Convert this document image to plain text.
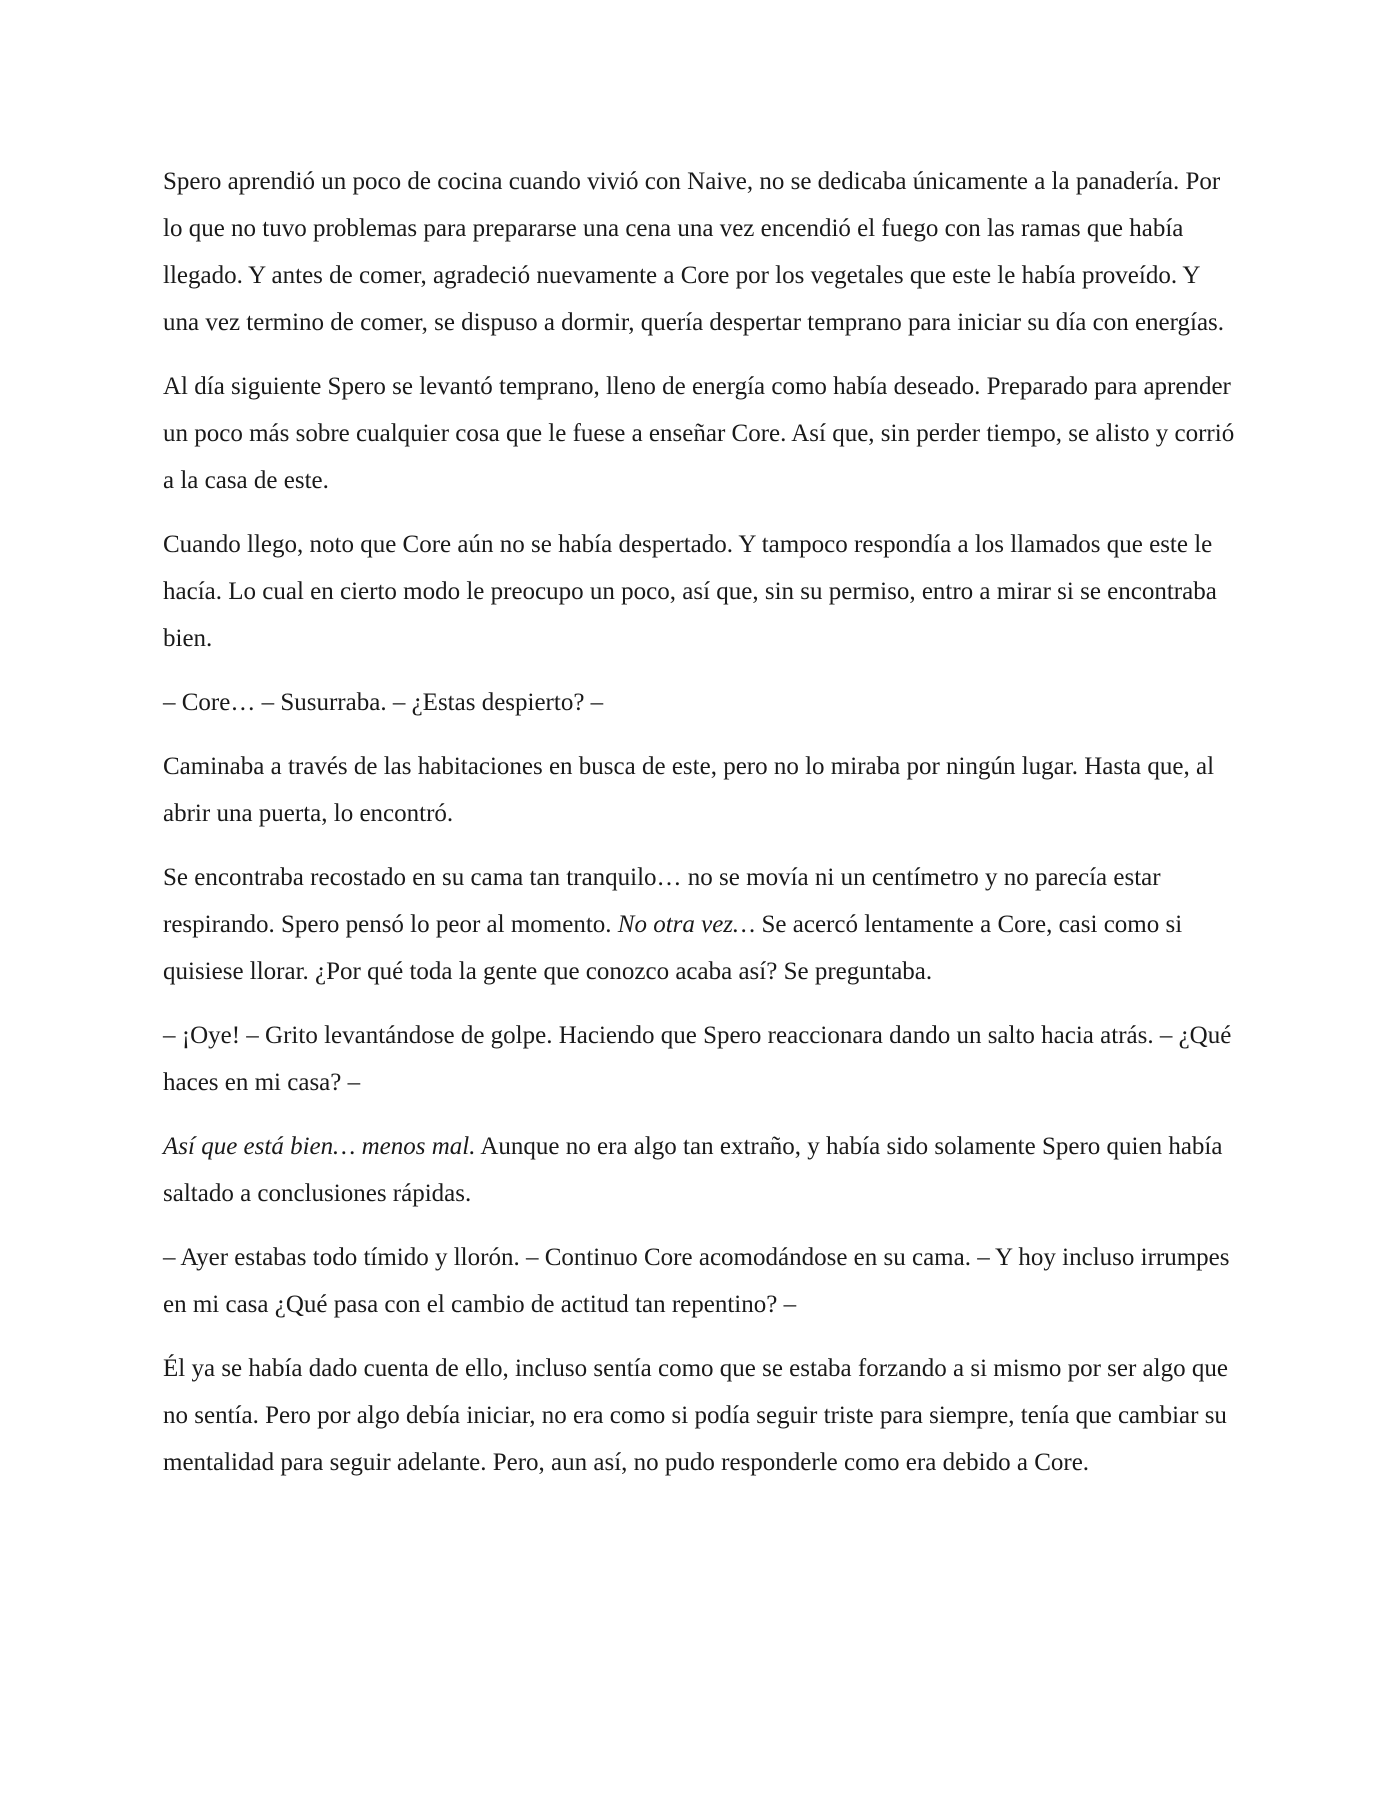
Spero aprendió un poco de cocina cuando vivió con Naive, no se dedicaba únicamente a la panadería. Por lo que no tuvo problemas para prepararse una cena una vez encendió el fuego con las ramas que había llegado. Y antes de comer, agradeció nuevamente a Core por los vegetales que este le había proveído. Y una vez termino de comer, se dispuso a dormir, quería despertar temprano para iniciar su día con energías.

Al día siguiente Spero se levantó temprano, lleno de energía como había deseado. Preparado para aprender un poco más sobre cualquier cosa que le fuese a enseñar Core. Así que, sin perder tiempo, se alisto y corrió a la casa de este.

Cuando llego, noto que Core aún no se había despertado. Y tampoco respondía a los llamados que este le hacía. Lo cual en cierto modo le preocupo un poco, así que, sin su permiso, entro a mirar si se encontraba bien.

– Core… – Susurraba. – ¿Estas despierto? –

Caminaba a través de las habitaciones en busca de este, pero no lo miraba por ningún lugar. Hasta que, al abrir una puerta, lo encontró.

Se encontraba recostado en su cama tan tranquilo… no se movía ni un centímetro y no parecía estar respirando. Spero pensó lo peor al momento. No otra vez… Se acercó lentamente a Core, casi como si quisiese llorar. ¿Por qué toda la gente que conozco acaba así? Se preguntaba.

– ¡Oye! – Grito levantándose de golpe. Haciendo que Spero reaccionara dando un salto hacia atrás. – ¿Qué haces en mi casa? –

Así que está bien… menos mal. Aunque no era algo tan extraño, y había sido solamente Spero quien había saltado a conclusiones rápidas.

– Ayer estabas todo tímido y llorón. – Continuo Core acomodándose en su cama. – Y hoy incluso irrumpes en mi casa ¿Qué pasa con el cambio de actitud tan repentino? –

Él ya se había dado cuenta de ello, incluso sentía como que se estaba forzando a si mismo por ser algo que no sentía. Pero por algo debía iniciar, no era como si podía seguir triste para siempre, tenía que cambiar su mentalidad para seguir adelante. Pero, aun así, no pudo responderle como era debido a Core.
